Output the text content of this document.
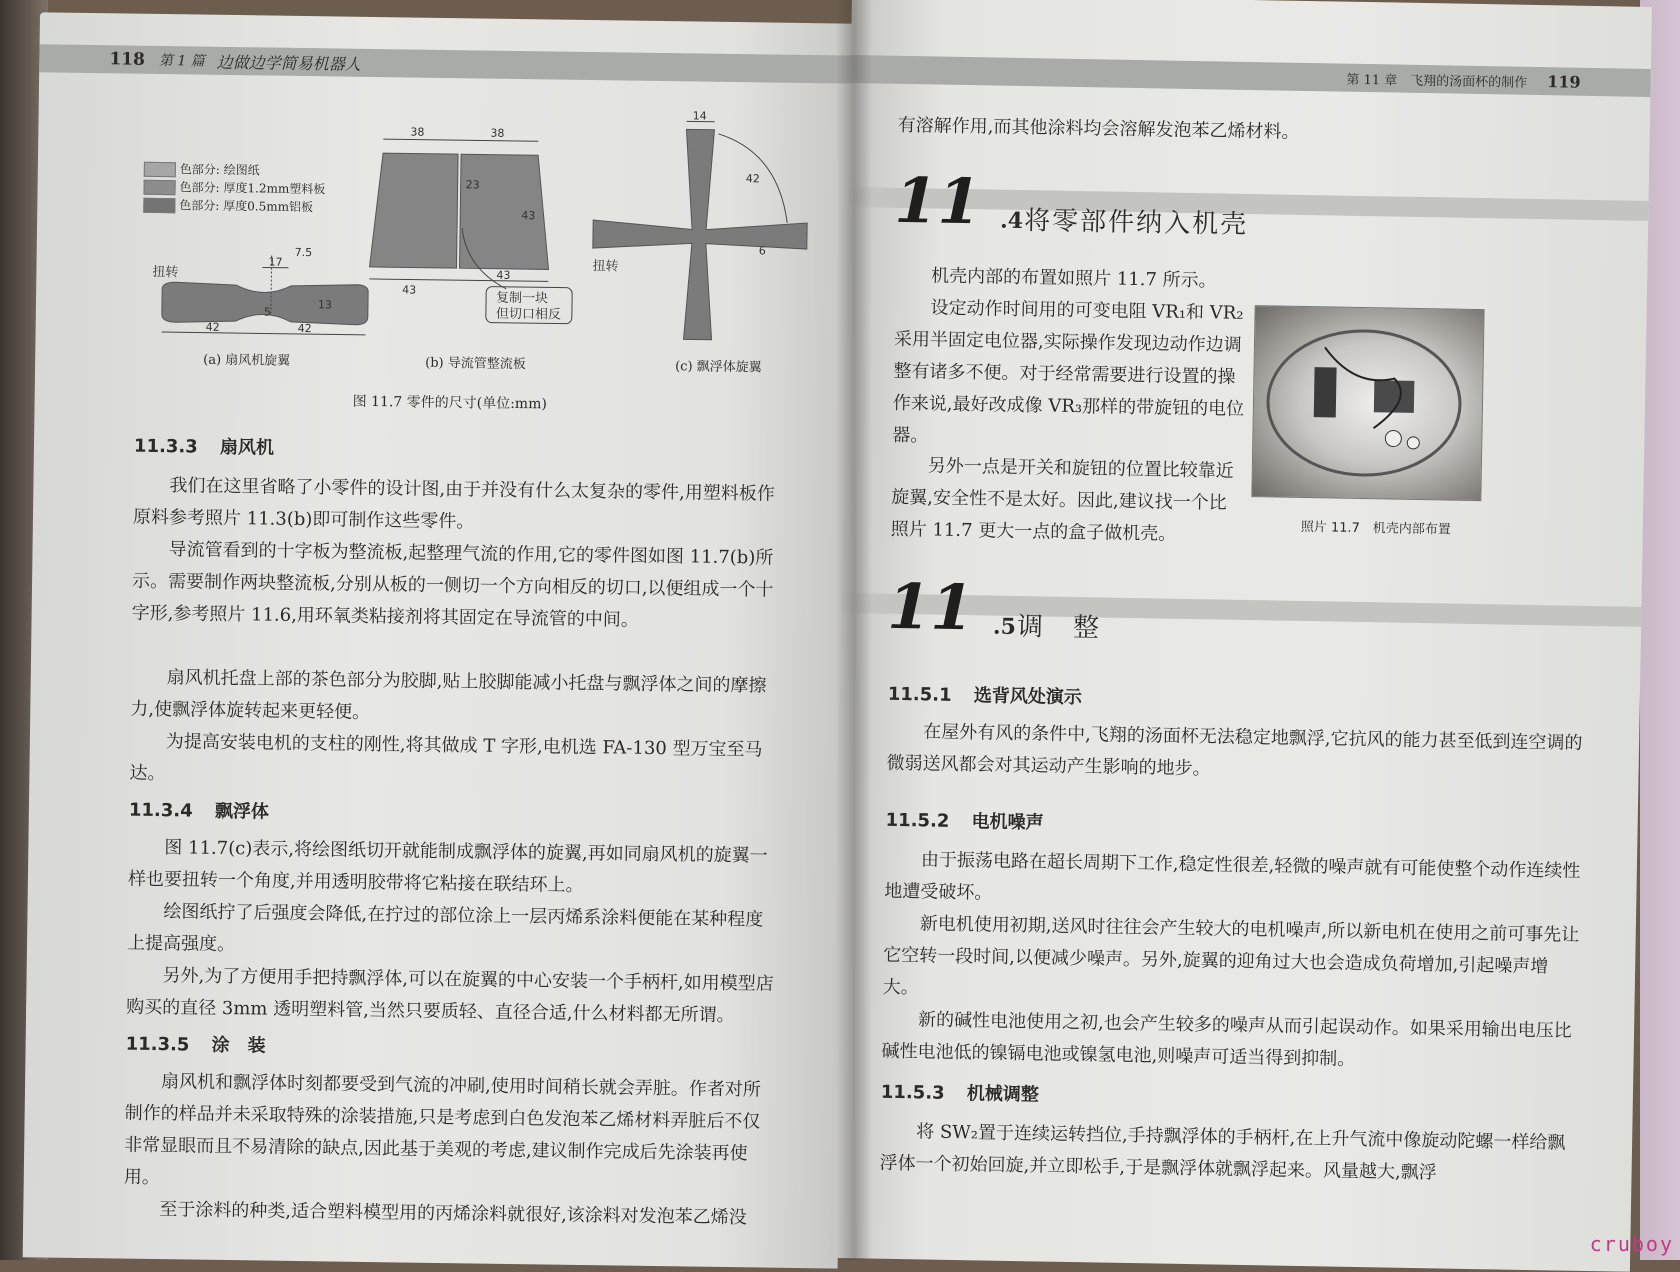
118 第 1 篇 边做边学简易机器人
色部分: 绘图纸
色部分: 厚度1.2mm塑料板
色部分: 厚度0.5mm铝板
扭转
17
7.5
13
5
42	42
38	38
23
43
43
43
复制一块
但切口相反
14
42
6
扭转
(a) 扇风机旋翼	(b) 导流管整流板	(c) 飘浮体旋翼
图 11.7 零件的尺寸(单位:mm)
11.3.3 扇风机

我们在这里省略了小零件的设计图,由于并没有什么太复杂的零件,用塑料板作原料参考照片 11.3(b)即可制作这些零件。

导流管看到的十字板为整流板,起整理气流的作用,它的零件图如图 11.7(b)所示。需要制作两块整流板,分别从板的一侧切一个方向相反的切口,以便组成一个十字形,参考照片 11.6,用环氧类粘接剂将其固定在导流管的中间。

扇风机托盘上部的茶色部分为胶脚,贴上胶脚能减小托盘与飘浮体之间的摩擦力,使飘浮体旋转起来更轻便。

为提高安装电机的支柱的刚性,将其做成 T 字形,电机选 FA-130 型万宝至马达。

11.3.4 飘浮体

图 11.7(c)表示,将绘图纸切开就能制成飘浮体的旋翼,再如同扇风机的旋翼一样也要扭转一个角度,并用透明胶带将它粘接在联结环上。

绘图纸拧了后强度会降低,在拧过的部位涂上一层丙烯系涂料便能在某种程度上提高强度。

另外,为了方便用手把持飘浮体,可以在旋翼的中心安装一个手柄杆,如用模型店购买的直径 3mm 透明塑料管,当然只要质轻、直径合适,什么材料都无所谓。

11.3.5 涂　装

扇风机和飘浮体时刻都要受到气流的冲刷,使用时间稍长就会弄脏。作者对所制作的样品并未采取特殊的涂装措施,只是考虑到白色发泡苯乙烯材料弄脏后不仅非常显眼而且不易清除的缺点,因此基于美观的考虑,建议制作完成后先涂装再使用。

至于涂料的种类,适合塑料模型用的丙烯涂料就很好,该涂料对发泡苯乙烯没

第 11 章　飞翔的汤面杯的制作 119

有溶解作用,而其他涂料均会溶解发泡苯乙烯材料。

11 .4 将零部件纳入机壳

机壳内部的布置如照片 11.7 所示。

设定动作时间用的可变电阻 VR₁和 VR₂采用半固定电位器,实际操作发现边动作边调整有诸多不便。对于经常需要进行设置的操作来说,最好改成像 VR₃那样的带旋钮的电位器。

另外一点是开关和旋钮的位置比较靠近旋翼,安全性不是太好。因此,建议找一个比照片 11.7 更大一点的盒子做机壳。	照片 11.7　机壳内部布置
11 .5 调　整
11.5.1 选背风处演示

在屋外有风的条件中,飞翔的汤面杯无法稳定地飘浮,它抗风的能力甚至低到连空调的微弱送风都会对其运动产生影响的地步。

11.5.2 电机噪声

由于振荡电路在超长周期下工作,稳定性很差,轻微的噪声就有可能使整个动作连续性地遭受破坏。

新电机使用初期,送风时往往会产生较大的电机噪声,所以新电机在使用之前可事先让它空转一段时间,以便减少噪声。另外,旋翼的迎角过大也会造成负荷增加,引起噪声增大。

新的碱性电池使用之初,也会产生较多的噪声从而引起误动作。如果采用输出电压比碱性电池低的镍镉电池或镍氢电池,则噪声可适当得到抑制。

11.5.3 机械调整

将 SW₂置于连续运转挡位,手持飘浮体的手柄杆,在上升气流中像旋动陀螺一样给飘浮体一个初始回旋,并立即松手,于是飘浮体就飘浮起来。风量越大,飘浮

cruboy
